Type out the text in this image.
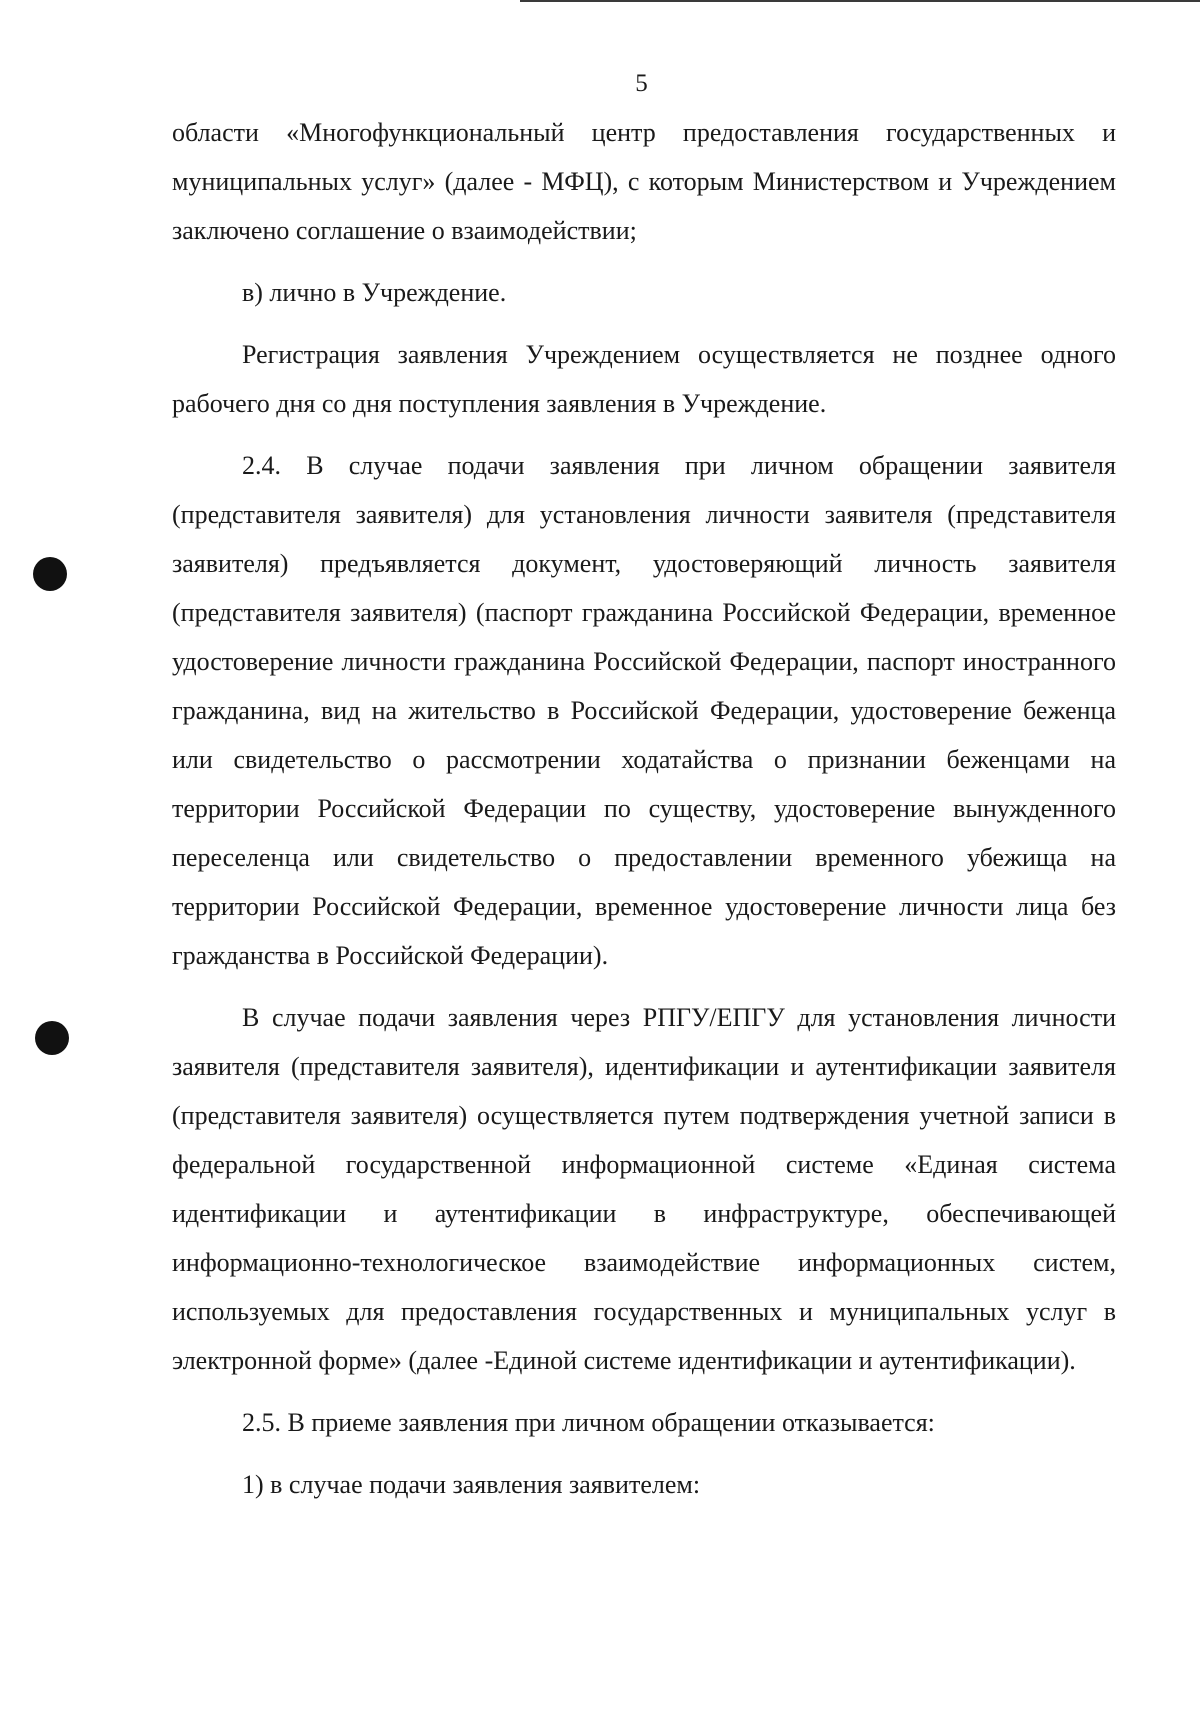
5

области «Многофункциональный центр предоставления государственных и муниципальных услуг» (далее - МФЦ), с которым Министерством и Учреждением заключено соглашение о взаимодействии;

в) лично в Учреждение.

Регистрация заявления Учреждением осуществляется не позднее одного рабочего дня со дня поступления заявления в Учреждение.

2.4. В случае подачи заявления при личном обращении заявителя (представителя заявителя) для установления личности заявителя (представителя заявителя) предъявляется документ, удостоверяющий личность заявителя (представителя заявителя) (паспорт гражданина Российской Федерации, временное удостоверение личности гражданина Российской Федерации, паспорт иностранного гражданина, вид на жительство в Российской Федерации, удостоверение беженца или свидетельство о рассмотрении ходатайства о признании беженцами на территории Российской Федерации по существу, удостоверение вынужденного переселенца или свидетельство о предоставлении временного убежища на территории Российской Федерации, временное удостоверение личности лица без гражданства в Российской Федерации).

В случае подачи заявления через РПГУ/ЕПГУ для установления личности заявителя (представителя заявителя), идентификации и аутентификации заявителя (представителя заявителя) осуществляется путем подтверждения учетной записи в федеральной государственной информационной системе «Единая система идентификации и аутентификации в инфраструктуре, обеспечивающей информационно-технологическое взаимодействие информационных систем, используемых для предоставления государственных и муниципальных услуг в электронной форме» (далее -Единой системе идентификации и аутентификации).

2.5. В приеме заявления при личном обращении отказывается:

1) в случае подачи заявления заявителем:
